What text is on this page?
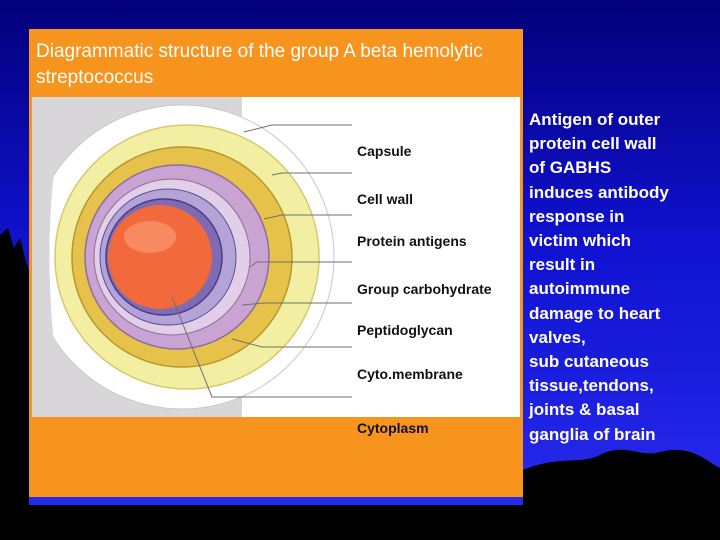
Diagrammatic structure of the group A beta hemolytic streptococcus
Capsule
Cell wall
Protein antigens
Group carbohydrate
Peptidoglycan
Cyto.membrane
Cytoplasm
Antigen of outer
protein cell wall
of GABHS
induces antibody
response in
victim which
result in
autoimmune
damage to heart
valves,
sub cutaneous
tissue,tendons,
joints & basal
ganglia of brain
